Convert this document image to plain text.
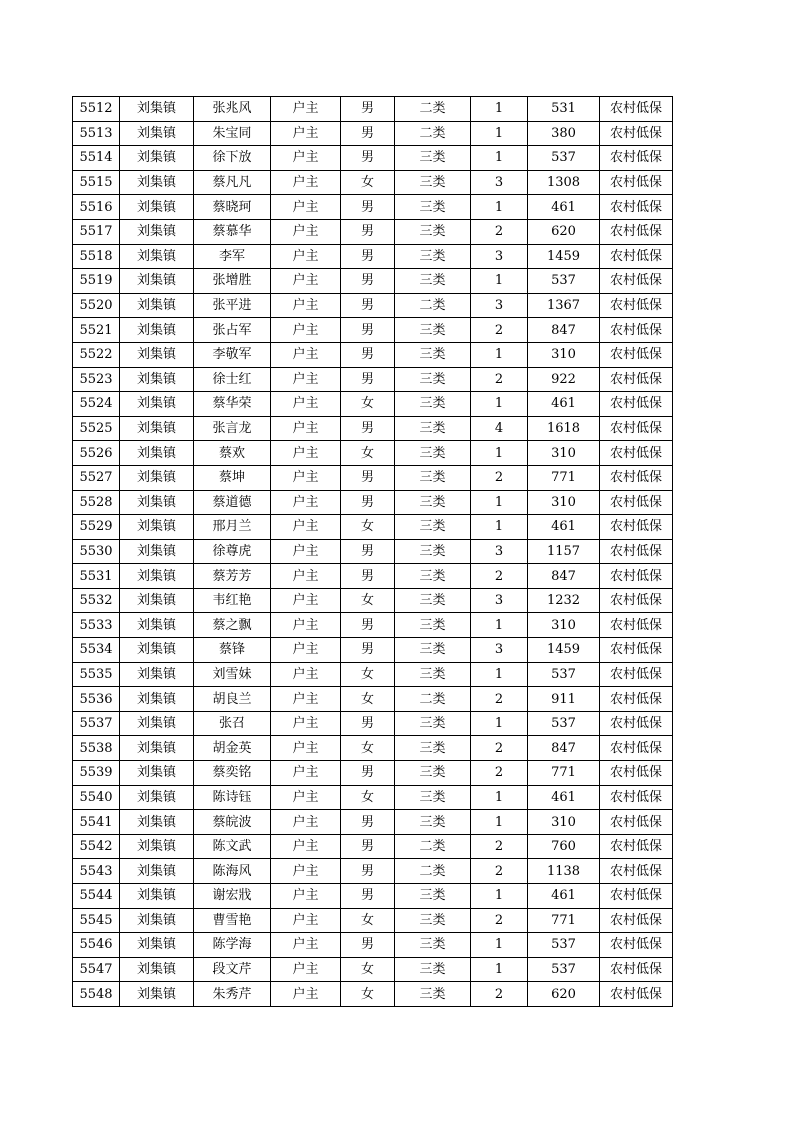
5512	刘集镇	张兆风	户主	男	二类	1	531	农村低保
5513	刘集镇	朱宝同	户主	男	二类	1	380	农村低保
5514	刘集镇	徐下放	户主	男	三类	1	537	农村低保
5515	刘集镇	蔡凡凡	户主	女	三类	3	1308	农村低保
5516	刘集镇	蔡晓珂	户主	男	三类	1	461	农村低保
5517	刘集镇	蔡慕华	户主	男	三类	2	620	农村低保
5518	刘集镇	李军	户主	男	三类	3	1459	农村低保
5519	刘集镇	张增胜	户主	男	三类	1	537	农村低保
5520	刘集镇	张平进	户主	男	二类	3	1367	农村低保
5521	刘集镇	张占军	户主	男	三类	2	847	农村低保
5522	刘集镇	李敬军	户主	男	三类	1	310	农村低保
5523	刘集镇	徐士红	户主	男	三类	2	922	农村低保
5524	刘集镇	蔡华荣	户主	女	三类	1	461	农村低保
5525	刘集镇	张言龙	户主	男	三类	4	1618	农村低保
5526	刘集镇	蔡欢	户主	女	三类	1	310	农村低保
5527	刘集镇	蔡坤	户主	男	三类	2	771	农村低保
5528	刘集镇	蔡道德	户主	男	三类	1	310	农村低保
5529	刘集镇	邢月兰	户主	女	三类	1	461	农村低保
5530	刘集镇	徐尊虎	户主	男	三类	3	1157	农村低保
5531	刘集镇	蔡芳芳	户主	男	三类	2	847	农村低保
5532	刘集镇	韦红艳	户主	女	三类	3	1232	农村低保
5533	刘集镇	蔡之飘	户主	男	三类	1	310	农村低保
5534	刘集镇	蔡锋	户主	男	三类	3	1459	农村低保
5535	刘集镇	刘雪妹	户主	女	三类	1	537	农村低保
5536	刘集镇	胡良兰	户主	女	二类	2	911	农村低保
5537	刘集镇	张召	户主	男	三类	1	537	农村低保
5538	刘集镇	胡金英	户主	女	三类	2	847	农村低保
5539	刘集镇	蔡奕铭	户主	男	三类	2	771	农村低保
5540	刘集镇	陈诗钰	户主	女	三类	1	461	农村低保
5541	刘集镇	蔡皖波	户主	男	三类	1	310	农村低保
5542	刘集镇	陈文武	户主	男	二类	2	760	农村低保
5543	刘集镇	陈海风	户主	男	二类	2	1138	农村低保
5544	刘集镇	谢宏戕	户主	男	三类	1	461	农村低保
5545	刘集镇	曹雪艳	户主	女	三类	2	771	农村低保
5546	刘集镇	陈学海	户主	男	三类	1	537	农村低保
5547	刘集镇	段文芹	户主	女	三类	1	537	农村低保
5548	刘集镇	朱秀芹	户主	女	三类	2	620	农村低保
